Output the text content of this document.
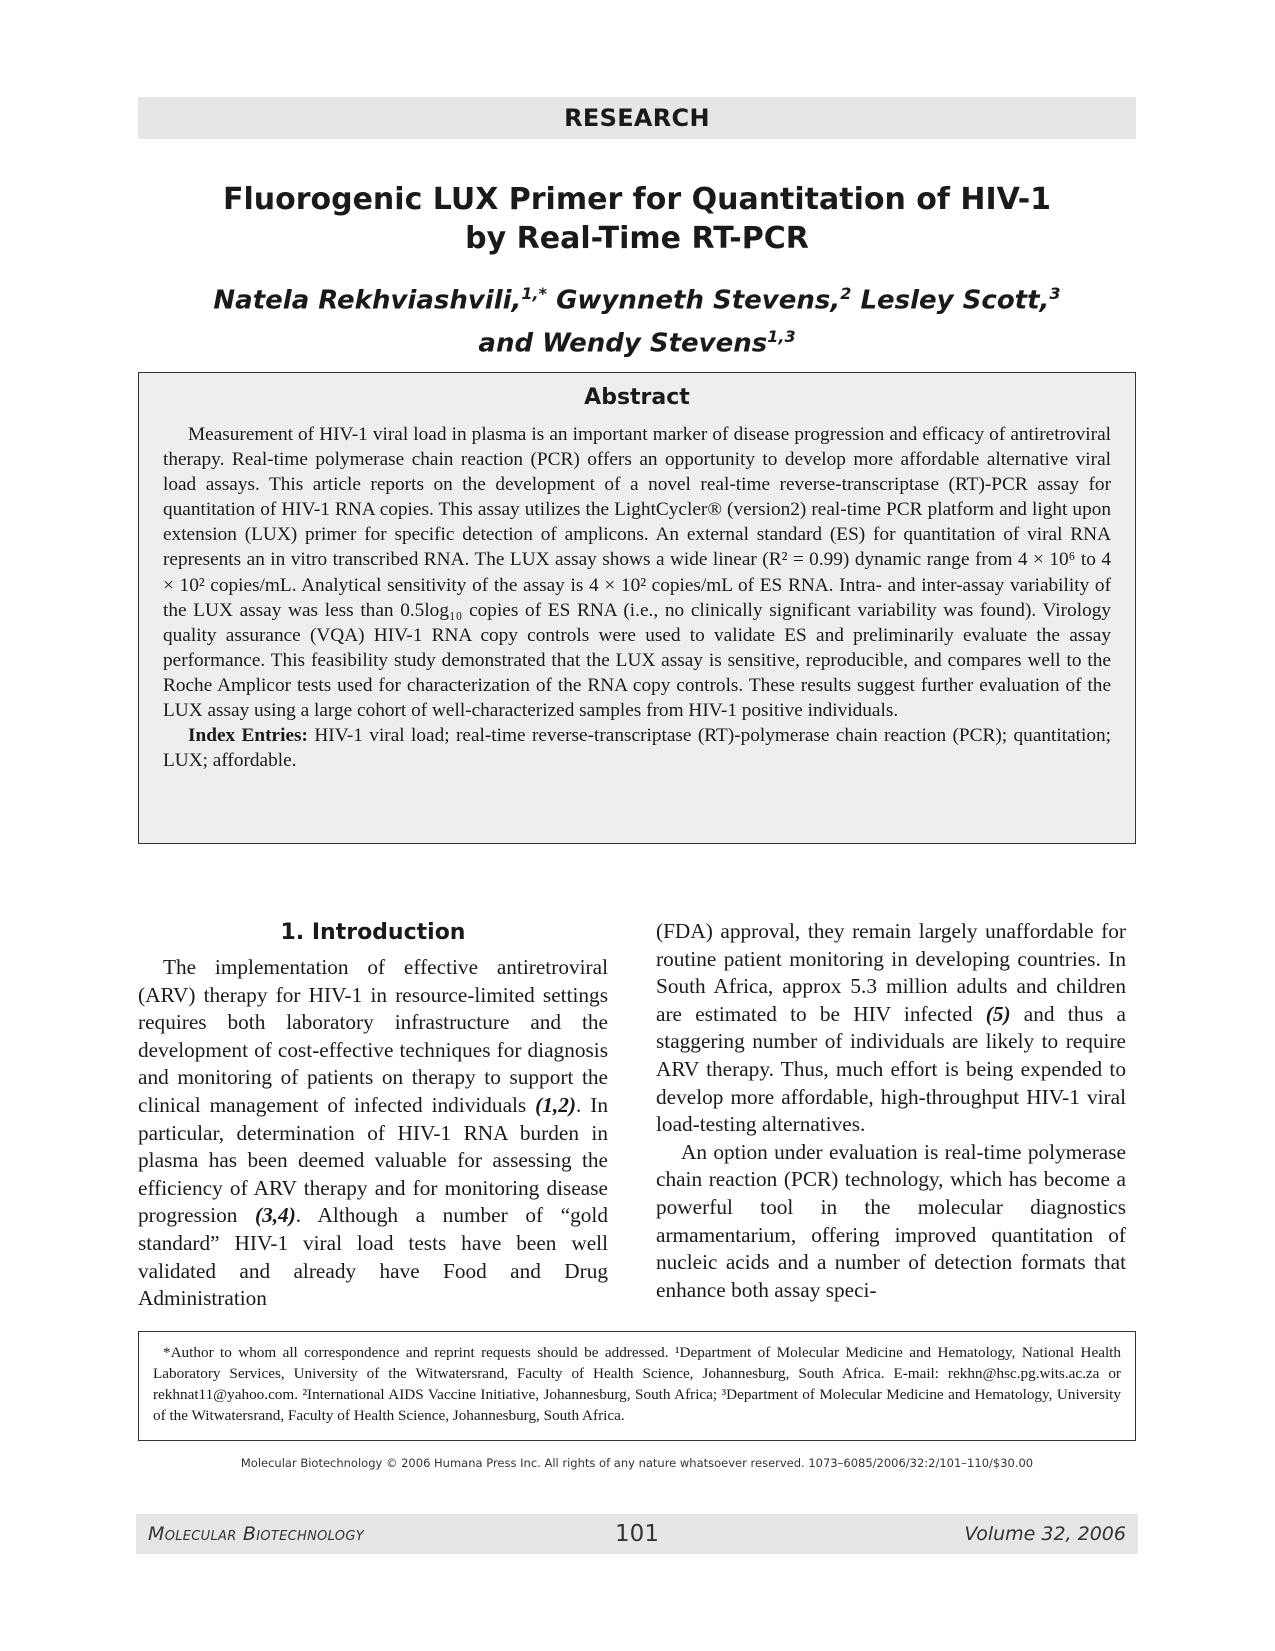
RESEARCH
Fluorogenic LUX Primer for Quantitation of HIV-1
by Real-Time RT-PCR
Natela Rekhviashvili,$^{1,*}$ Gwynneth Stevens,$^2$ Lesley Scott,$^3$
and Wendy Stevens$^{1,3}$
Abstract

Measurement of HIV-1 viral load in plasma is an important marker of disease progression and efficacy of antiretroviral therapy. Real-time polymerase chain reaction (PCR) offers an opportunity to develop more affordable alternative viral load assays. This article reports on the development of a novel real-time reverse-transcriptase (RT)-PCR assay for quantitation of HIV-1 RNA copies. This assay utilizes the LightCycler® (version2) real-time PCR platform and light upon extension (LUX) primer for specific detection of amplicons. An external standard (ES) for quantitation of viral RNA represents an in vitro transcribed RNA. The LUX assay shows a wide linear (R² = 0.99) dynamic range from 4 × 10⁶ to 4 × 10² copies/mL. Analytical sensitivity of the assay is 4 × 10² copies/mL of ES RNA. Intra- and inter-assay variability of the LUX assay was less than 0.5log₁₀ copies of ES RNA (i.e., no clinically significant variability was found). Virology quality assurance (VQA) HIV-1 RNA copy controls were used to validate ES and preliminarily evaluate the assay performance. This feasibility study demonstrated that the LUX assay is sensitive, reproducible, and compares well to the Roche Amplicor tests used for characterization of the RNA copy controls. These results suggest further evaluation of the LUX assay using a large cohort of well-characterized samples from HIV-1 positive individuals.

Index Entries: HIV-1 viral load; real-time reverse-transcriptase (RT)-polymerase chain reaction (PCR); quantitation; LUX; affordable.

1. Introduction

The implementation of effective antiretroviral (ARV) therapy for HIV-1 in resource-limited settings requires both laboratory infrastructure and the development of cost-effective techniques for diagnosis and monitoring of patients on therapy to support the clinical management of infected individuals (1,2). In particular, determination of HIV-1 RNA burden in plasma has been deemed valuable for assessing the efficiency of ARV therapy and for monitoring disease progression (3,4). Although a number of “gold standard” HIV-1 viral load tests have been well validated and already have Food and Drug Administration

(FDA) approval, they remain largely unaffordable for routine patient monitoring in developing countries. In South Africa, approx 5.3 million adults and children are estimated to be HIV infected (5) and thus a staggering number of individuals are likely to require ARV therapy. Thus, much effort is being expended to develop more affordable, high-throughput HIV-1 viral load-testing alternatives.

An option under evaluation is real-time polymerase chain reaction (PCR) technology, which has become a powerful tool in the molecular diagnostics armamentarium, offering improved quantitation of nucleic acids and a number of detection formats that enhance both assay speci-

*Author to whom all correspondence and reprint requests should be addressed. ¹Department of Molecular Medicine and Hematology, National Health Laboratory Services, University of the Witwatersrand, Faculty of Health Science, Johannesburg, South Africa. E-mail: rekhn@hsc.pg.wits.ac.za or rekhnat11@yahoo.com. ²International AIDS Vaccine Initiative, Johannesburg, South Africa; ³Department of Molecular Medicine and Hematology, University of the Witwatersrand, Faculty of Health Science, Johannesburg, South Africa.

Molecular Biotechnology © 2006 Humana Press Inc. All rights of any nature whatsoever reserved. 1073–6085/2006/32:2/101–110/$30.00
Molecular Biotechnology	101	Volume 32, 2006
